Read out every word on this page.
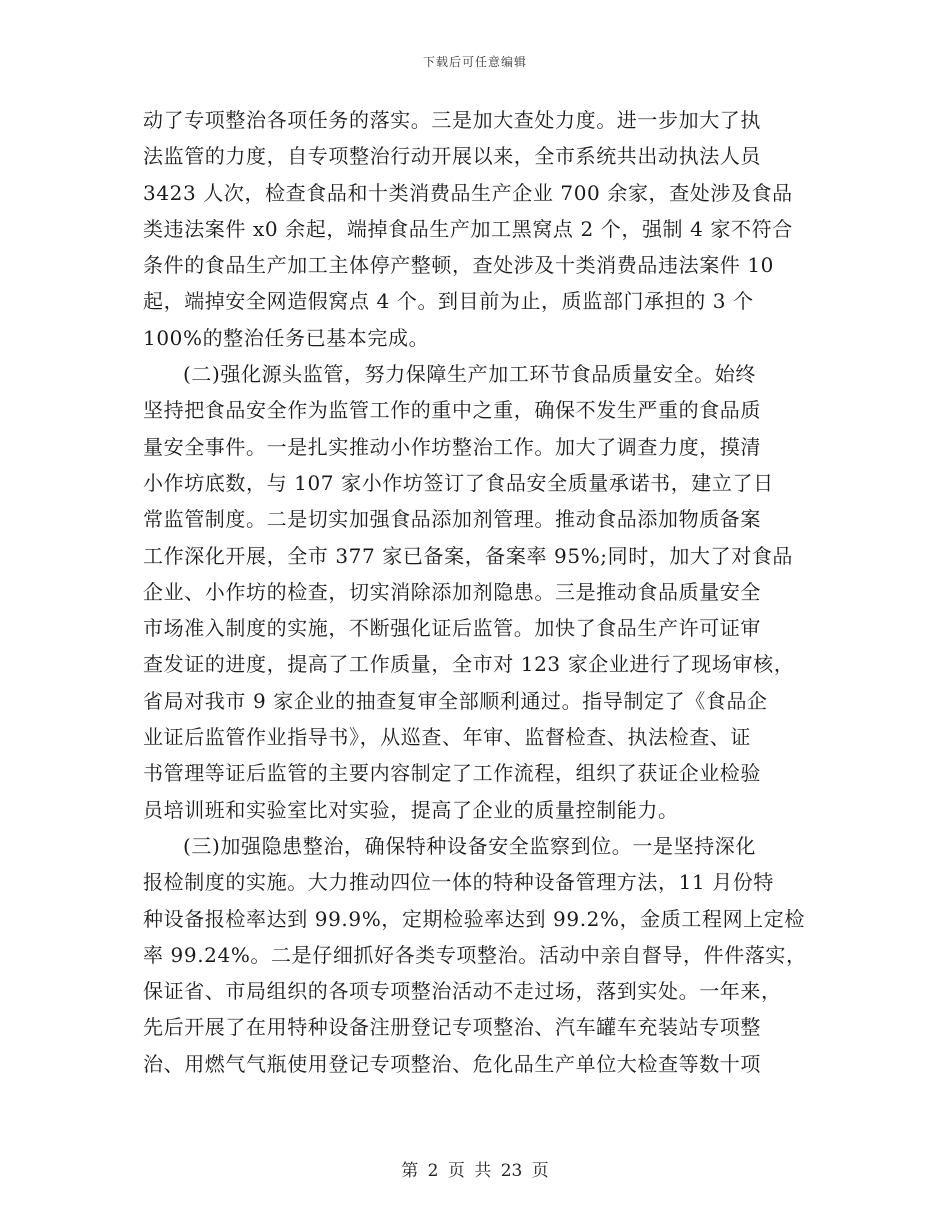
下载后可任意编辑
动了专项整治各项任务的落实。三是加大查处力度。进一步加大了执
法监管的力度，自专项整治行动开展以来，全市系统共出动执法人员
3423 人次，检查食品和十类消费品生产企业 700 余家，查处涉及食品
类违法案件 x0 余起，端掉食品生产加工黑窝点 2 个，强制 4 家不符合
条件的食品生产加工主体停产整顿，查处涉及十类消费品违法案件 10
起，端掉安全网造假窝点 4 个。到目前为止，质监部门承担的 3 个
100%的整治任务已基本完成。
(二)强化源头监管，努力保障生产加工环节食品质量安全。始终
坚持把食品安全作为监管工作的重中之重，确保不发生严重的食品质
量安全事件。一是扎实推动小作坊整治工作。加大了调查力度，摸清
小作坊底数，与 107 家小作坊签订了食品安全质量承诺书，建立了日
常监管制度。二是切实加强食品添加剂管理。推动食品添加物质备案
工作深化开展，全市 377 家已备案，备案率 95%;同时，加大了对食品
企业、小作坊的检查，切实消除添加剂隐患。三是推动食品质量安全
市场准入制度的实施，不断强化证后监管。加快了食品生产许可证审
查发证的进度，提高了工作质量，全市对 123 家企业进行了现场审核，
省局对我市 9 家企业的抽查复审全部顺利通过。指导制定了《食品企
业证后监管作业指导书》，从巡查、年审、监督检查、执法检查、证
书管理等证后监管的主要内容制定了工作流程，组织了获证企业检验
员培训班和实验室比对实验，提高了企业的质量控制能力。
(三)加强隐患整治，确保特种设备安全监察到位。一是坚持深化
报检制度的实施。大力推动四位一体的特种设备管理方法，11 月份特
种设备报检率达到 99.9%，定期检验率达到 99.2%，金质工程网上定检
率 99.24%。二是仔细抓好各类专项整治。活动中亲自督导，件件落实，
保证省、市局组织的各项专项整治活动不走过场，落到实处。一年来，
先后开展了在用特种设备注册登记专项整治、汽车罐车充装站专项整
治、用燃气气瓶使用登记专项整治、危化品生产单位大检查等数十项
第 2 页 共 23 页
